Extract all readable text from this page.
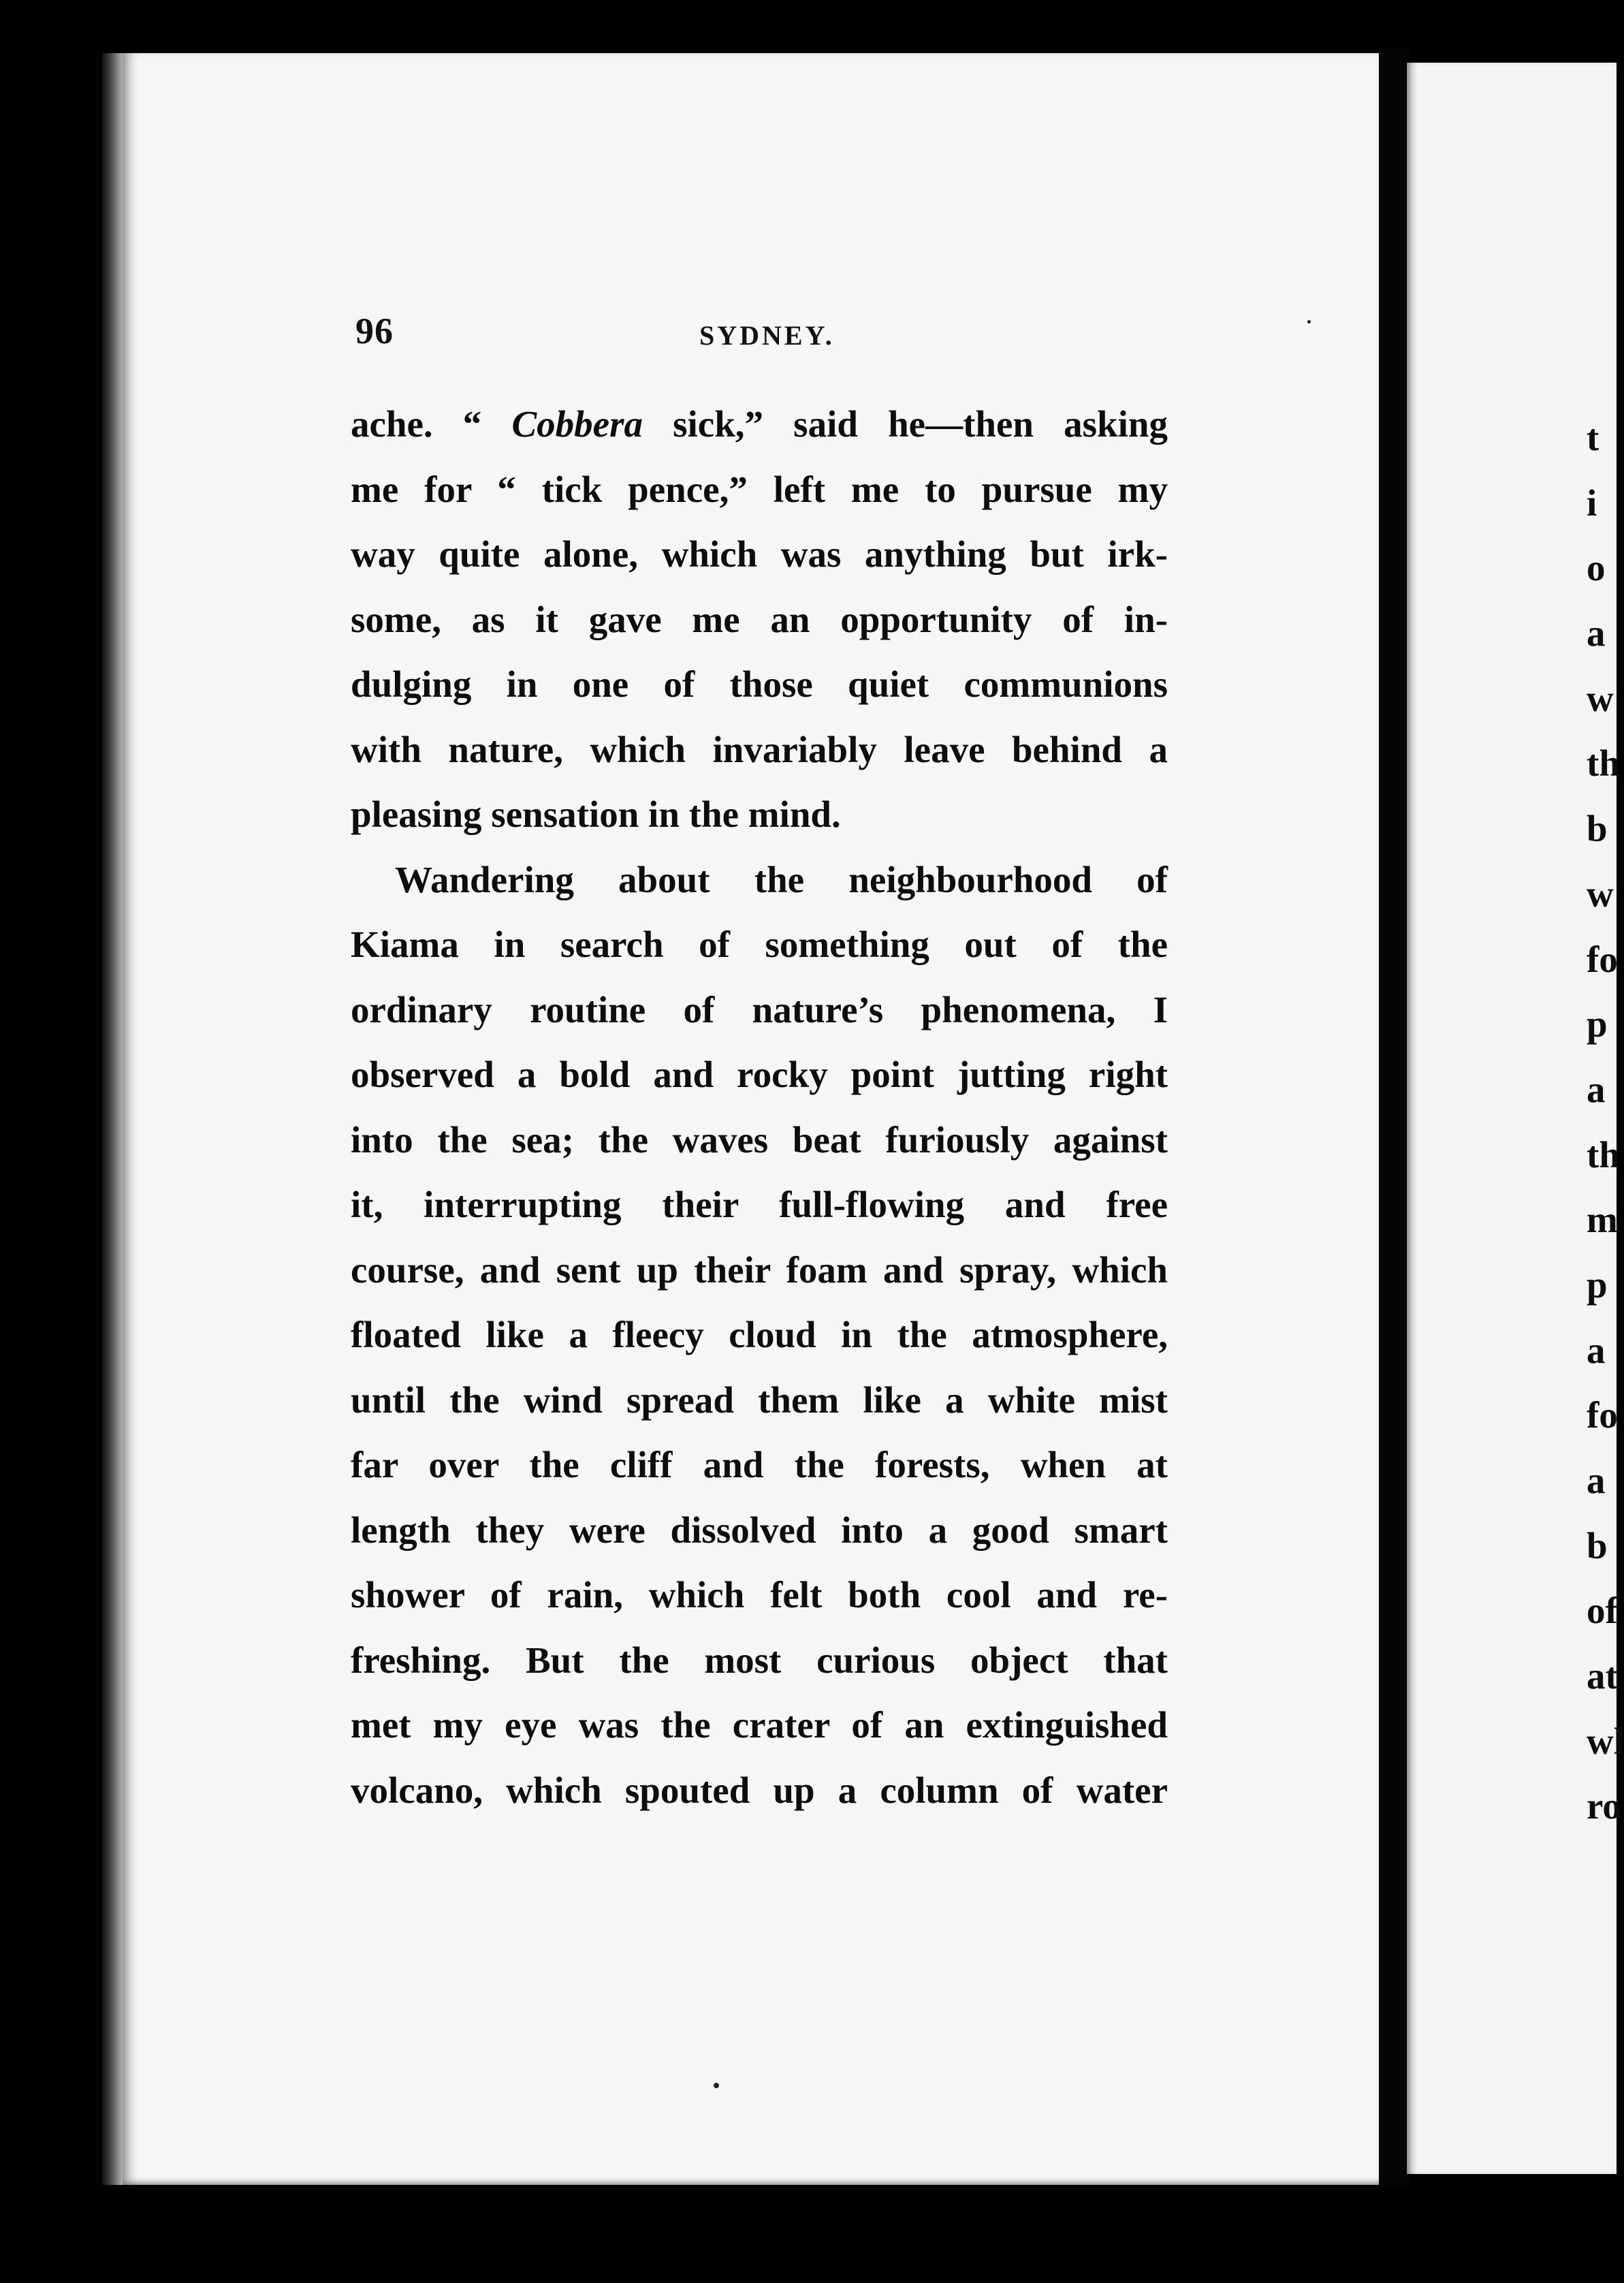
96	SYDNEY.
ache. “ Cobbera sick,” said he—then asking
me for “ tick pence,” left me to pursue my
way quite alone, which was anything but irk-
some, as it gave me an opportunity of in-
dulging in one of those quiet communions
with nature, which invariably leave behind a
pleasing sensation in the mind.
Wandering about the neighbourhood of
Kiama in search of something out of the
ordinary routine of nature’s phenomena, I
observed a bold and rocky point jutting right
into the sea; the waves beat furiously against
it, interrupting their full-flowing and free
course, and sent up their foam and spray, which
floated like a fleecy cloud in the atmosphere,
until the wind spread them like a white mist
far over the cliff and the forests, when at
length they were dissolved into a good smart
shower of rain, which felt both cool and re-
freshing. But the most curious object that
met my eye was the crater of an extinguished
volcano, which spouted up a column of water
t
i
o
a
w
th
b
w
fo
p
a
th
m
p
a
fo
a
b
of
at
wl
ro
